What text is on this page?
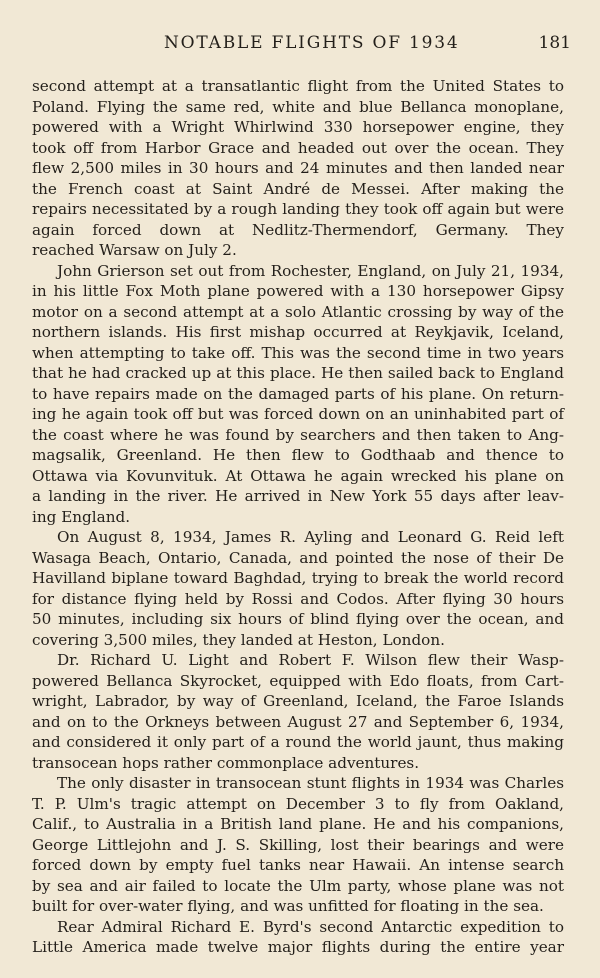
NOTABLE FLIGHTS OF 1934	181
second attempt at a transatlantic flight from the United States to
Poland. Flying the same red, white and blue Bellanca monoplane,
powered with a Wright Whirlwind 330 horsepower engine, they
took off from Harbor Grace and headed out over the ocean. They
flew 2,500 miles in 30 hours and 24 minutes and then landed near
the French coast at Saint André de Messei. After making the
repairs necessitated by a rough landing they took off again but were
again forced down at Nedlitz-Thermendorf, Germany. They
reached Warsaw on July 2.
John Grierson set out from Rochester, England, on July 21, 1934,
in his little Fox Moth plane powered with a 130 horsepower Gipsy
motor on a second attempt at a solo Atlantic crossing by way of the
northern islands. His first mishap occurred at Reykjavik, Iceland,
when attempting to take off. This was the second time in two years
that he had cracked up at this place. He then sailed back to England
to have repairs made on the damaged parts of his plane. On return-
ing he again took off but was forced down on an uninhabited part of
the coast where he was found by searchers and then taken to Ang-
magsalik, Greenland. He then flew to Godthaab and thence to
Ottawa via Kovunvituk. At Ottawa he again wrecked his plane on
a landing in the river. He arrived in New York 55 days after leav-
ing England.
On August 8, 1934, James R. Ayling and Leonard G. Reid left
Wasaga Beach, Ontario, Canada, and pointed the nose of their De
Havilland biplane toward Baghdad, trying to break the world record
for distance flying held by Rossi and Codos. After flying 30 hours
50 minutes, including six hours of blind flying over the ocean, and
covering 3,500 miles, they landed at Heston, London.
Dr. Richard U. Light and Robert F. Wilson flew their Wasp-
powered Bellanca Skyrocket, equipped with Edo floats, from Cart-
wright, Labrador, by way of Greenland, Iceland, the Faroe Islands
and on to the Orkneys between August 27 and September 6, 1934,
and considered it only part of a round the world jaunt, thus making
transocean hops rather commonplace adventures.
The only disaster in transocean stunt flights in 1934 was Charles
T. P. Ulm's tragic attempt on December 3 to fly from Oakland,
Calif., to Australia in a British land plane. He and his companions,
George Littlejohn and J. S. Skilling, lost their bearings and were
forced down by empty fuel tanks near Hawaii. An intense search
by sea and air failed to locate the Ulm party, whose plane was not
built for over-water flying, and was unfitted for floating in the sea.
Rear Admiral Richard E. Byrd's second Antarctic expedition to
Little America made twelve major flights during the entire year
